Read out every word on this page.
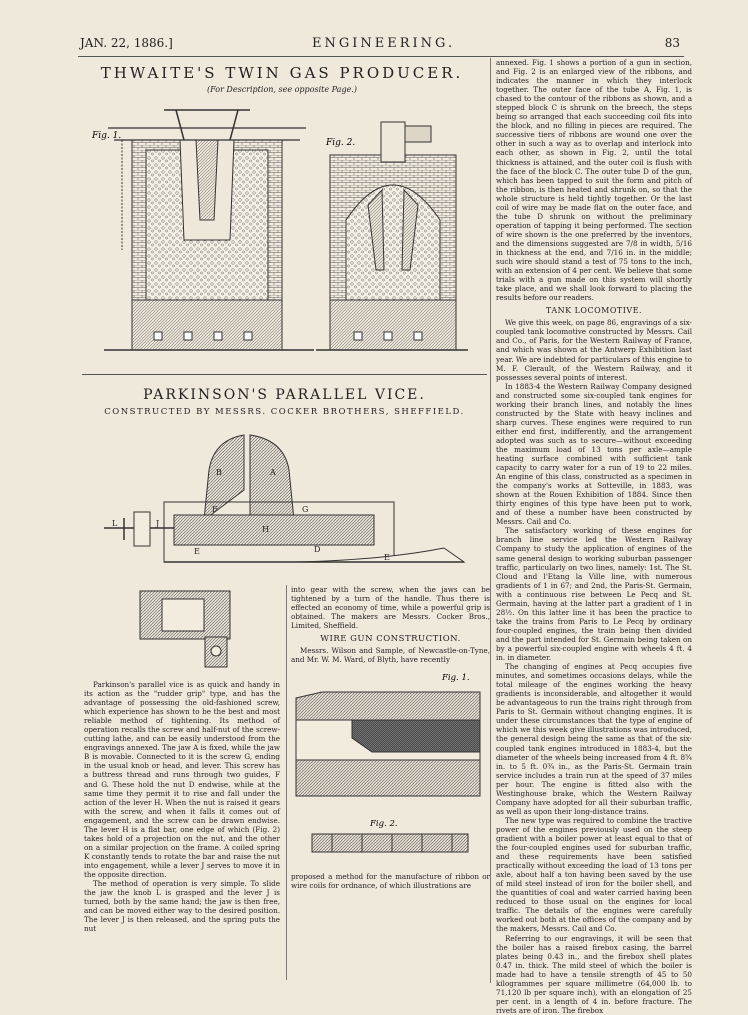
JAN. 22, 1886.]	ENGINEERING.	83
THWAITE'S TWIN GAS PRODUCER.
(For Description, see opposite Page.)
Fig. 1.
Fig. 2.
PARKINSON'S PARALLEL VICE.
CONSTRUCTED BY MESSRS. COCKER BROTHERS, SHEFFIELD.
B	A
L	J
F	G
H
E	D
E

Parkinson's parallel vice is as quick and handy in its action as the "rudder grip" type, and has the advantage of possessing the old-fashioned screw, which experience has shown to be the best and most reliable method of tightening. Its method of operation recalls the screw and half-nut of the screw-cutting lathe, and can be easily understood from the engravings annexed. The jaw A is fixed, while the jaw B is movable. Connected to it is the screw G, ending in the usual knob or head, and lever. This screw has a buttress thread and runs through two guides, F and G. These hold the nut D endwise, while at the same time they permit it to rise and fall under the action of the lever H. When the nut is raised it gears with the screw, and when it falls it comes out of engagement, and the screw can be drawn endwise. The lever H is a flat bar, one edge of which (Fig. 2) takes hold of a projection on the nut, and the other on a similar projection on the frame. A coiled spring K constantly tends to rotate the bar and raise the nut into engagement, while a lever J serves to move it in the opposite direction.

The method of operation is very simple. To slide the jaw the knob L is grasped and the lever J is turned, both by the same hand; the jaw is then free, and can be moved either way to the desired position. The lever J is then released, and the spring puts the nut

into gear with the screw, when the jaws can be tightened by a turn of the handle. Thus there is effected an economy of time, while a powerful grip is obtained. The makers are Messrs. Cocker Bros., Limited, Sheffield.

WIRE GUN CONSTRUCTION.

Messrs. Wilson and Sample, of Newcastle-on-Tyne, and Mr. W. M. Ward, of Blyth, have recently

Fig. 1.
Fig. 2.

proposed a method for the manufacture of ribbon or wire coils for ordnance, of which illustrations are

annexed. Fig. 1 shows a portion of a gun in section, and Fig. 2 is an enlarged view of the ribbons, and indicates the manner in which they interlock together. The outer face of the tube A, Fig. 1, is chased to the contour of the ribbons as shown, and a stepped block C is shrunk on the breech, the steps being so arranged that each succeeding coil fits into the block, and no filling in pieces are required. The successive tiers of ribbons are wound one over the other in such a way as to overlap and interlock into each other, as shown in Fig. 2, until the total thickness is attained, and the outer coil is flush with the face of the block C. The outer tube D of the gun, which has been tapped to suit the form and pitch of the ribbon, is then heated and shrunk on, so that the whole structure is held tightly together. Or the last coil of wire may be made flat on the outer face, and the tube D shrunk on without the preliminary operation of tapping it being performed. The section of wire shown is the one preferred by the inventors, and the dimensions suggested are 7/8 in width, 5/16 in thickness at the end, and 7/16 in. in the middle; such wire should stand a test of 75 tons to the inch, with an extension of 4 per cent. We believe that some trials with a gun made on this system will shortly take place, and we shall look forward to placing the results before our readers.

TANK LOCOMOTIVE.

We give this week, on page 86, engravings of a six-coupled tank locomotive constructed by Messrs. Cail and Co., of Paris, for the Western Railway of France, and which was shown at the Antwerp Exhibition last year. We are indebted for particulars of this engine to M. F. Clerault, of the Western Railway, and it possesses several points of interest.

In 1883-4 the Western Railway Company designed and constructed some six-coupled tank engines for working their branch lines, and notably the lines constructed by the State with heavy inclines and sharp curves. These engines were required to run either end first, indifferently, and the arrangement adopted was such as to secure—without exceeding the maximum load of 13 tons per axle—ample heating surface combined with sufficient tank capacity to carry water for a run of 19 to 22 miles. An engine of this class, constructed as a specimen in the company's works at Sotteville, in 1883, was shown at the Rouen Exhibition of 1884. Since then thirty engines of this type have been put to work, and of these a number have been constructed by Messrs. Cail and Co.

The satisfactory working of these engines for branch line service led the Western Railway Company to study the application of engines of the same general design to working suburban passenger traffic, particularly on two lines, namely: 1st. The St. Cloud and l'Etang la Ville line, with numerous gradients of 1 in 67; and 2nd, the Paris-St. Germain, with a continuous rise between Le Pecq and St. Germain, having at the latter part a gradient of 1 in 28½. On this latter line it has been the practice to take the trains from Paris to Le Pecq by ordinary four-coupled engines, the train being then divided and the part intended for St. Germain being taken on by a powerful six-coupled engine with wheels 4 ft. 4 in. in diameter.

The changing of engines at Pecq occupies five minutes, and sometimes occasions delays, while the total mileage of the engines working the heavy gradients is inconsiderable, and altogether it would be advantageous to run the trains right through from Paris to St. Germain without changing engines. It is under these circumstances that the type of engine of which we this week give illustrations was introduced, the general design being the same as that of the six-coupled tank engines introduced in 1883-4, but the diameter of the wheels being increased from 4 ft. 8¾ in. to 5 ft. 0¾ in., as the Paris-St. Germain train service includes a train run at the speed of 37 miles per hour. The engine is fitted also with the Westinghouse brake, which the Western Railway Company have adopted for all their suburban traffic, as well as upon their long-distance trains.

The new type was required to combine the tractive power of the engines previously used on the steep gradient with a boiler power at least equal to that of the four-coupled engines used for suburban traffic, and these requirements have been satisfied practically without exceeding the load of 13 tons per axle, about half a ton having been saved by the use of mild steel instead of iron for the boiler shell, and the quantities of coal and water carried having been reduced to those usual on the engines for local traffic. The details of the engines were carefully worked out both at the offices of the company and by the makers, Messrs. Cail and Co.

Referring to our engravings, it will be seen that the boiler has a raised firebox casing, the barrel plates being 0.43 in., and the firebox shell plates 0.47 in. thick. The mild steel of which the boiler is made had to have a tensile strength of 45 to 50 kilogrammes per square millimetre (64,000 lb. to 71,120 lb per square inch), with an elongation of 25 per cent. in a length of 4 in. before fracture. The rivets are of iron. The firebox
